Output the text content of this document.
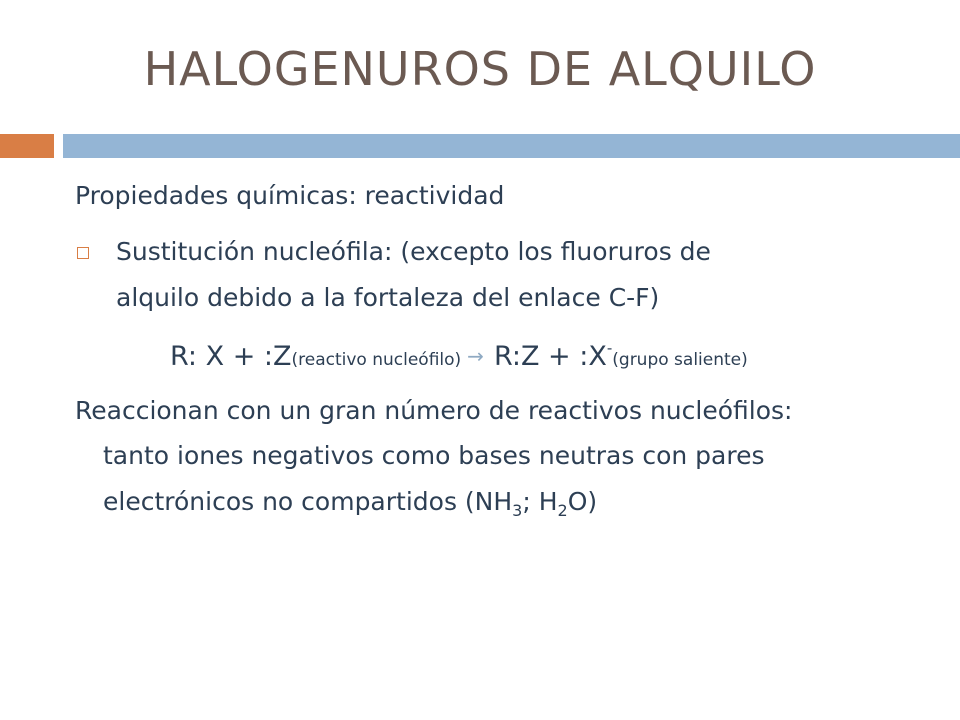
HALOGENUROS DE ALQUILO
Propiedades químicas: reactividad
Sustitución nucleófila: (excepto los fluoruros de
alquilo debido a la fortaleza del enlace C-F)
R: X + :Z(reactivo nucleófilo) → R:Z + :X-(grupo saliente)
Reaccionan con un gran número de reactivos nucleófilos:
tanto iones negativos como bases neutras con pares
electrónicos no compartidos ($NH_3$; $H_2O$)
